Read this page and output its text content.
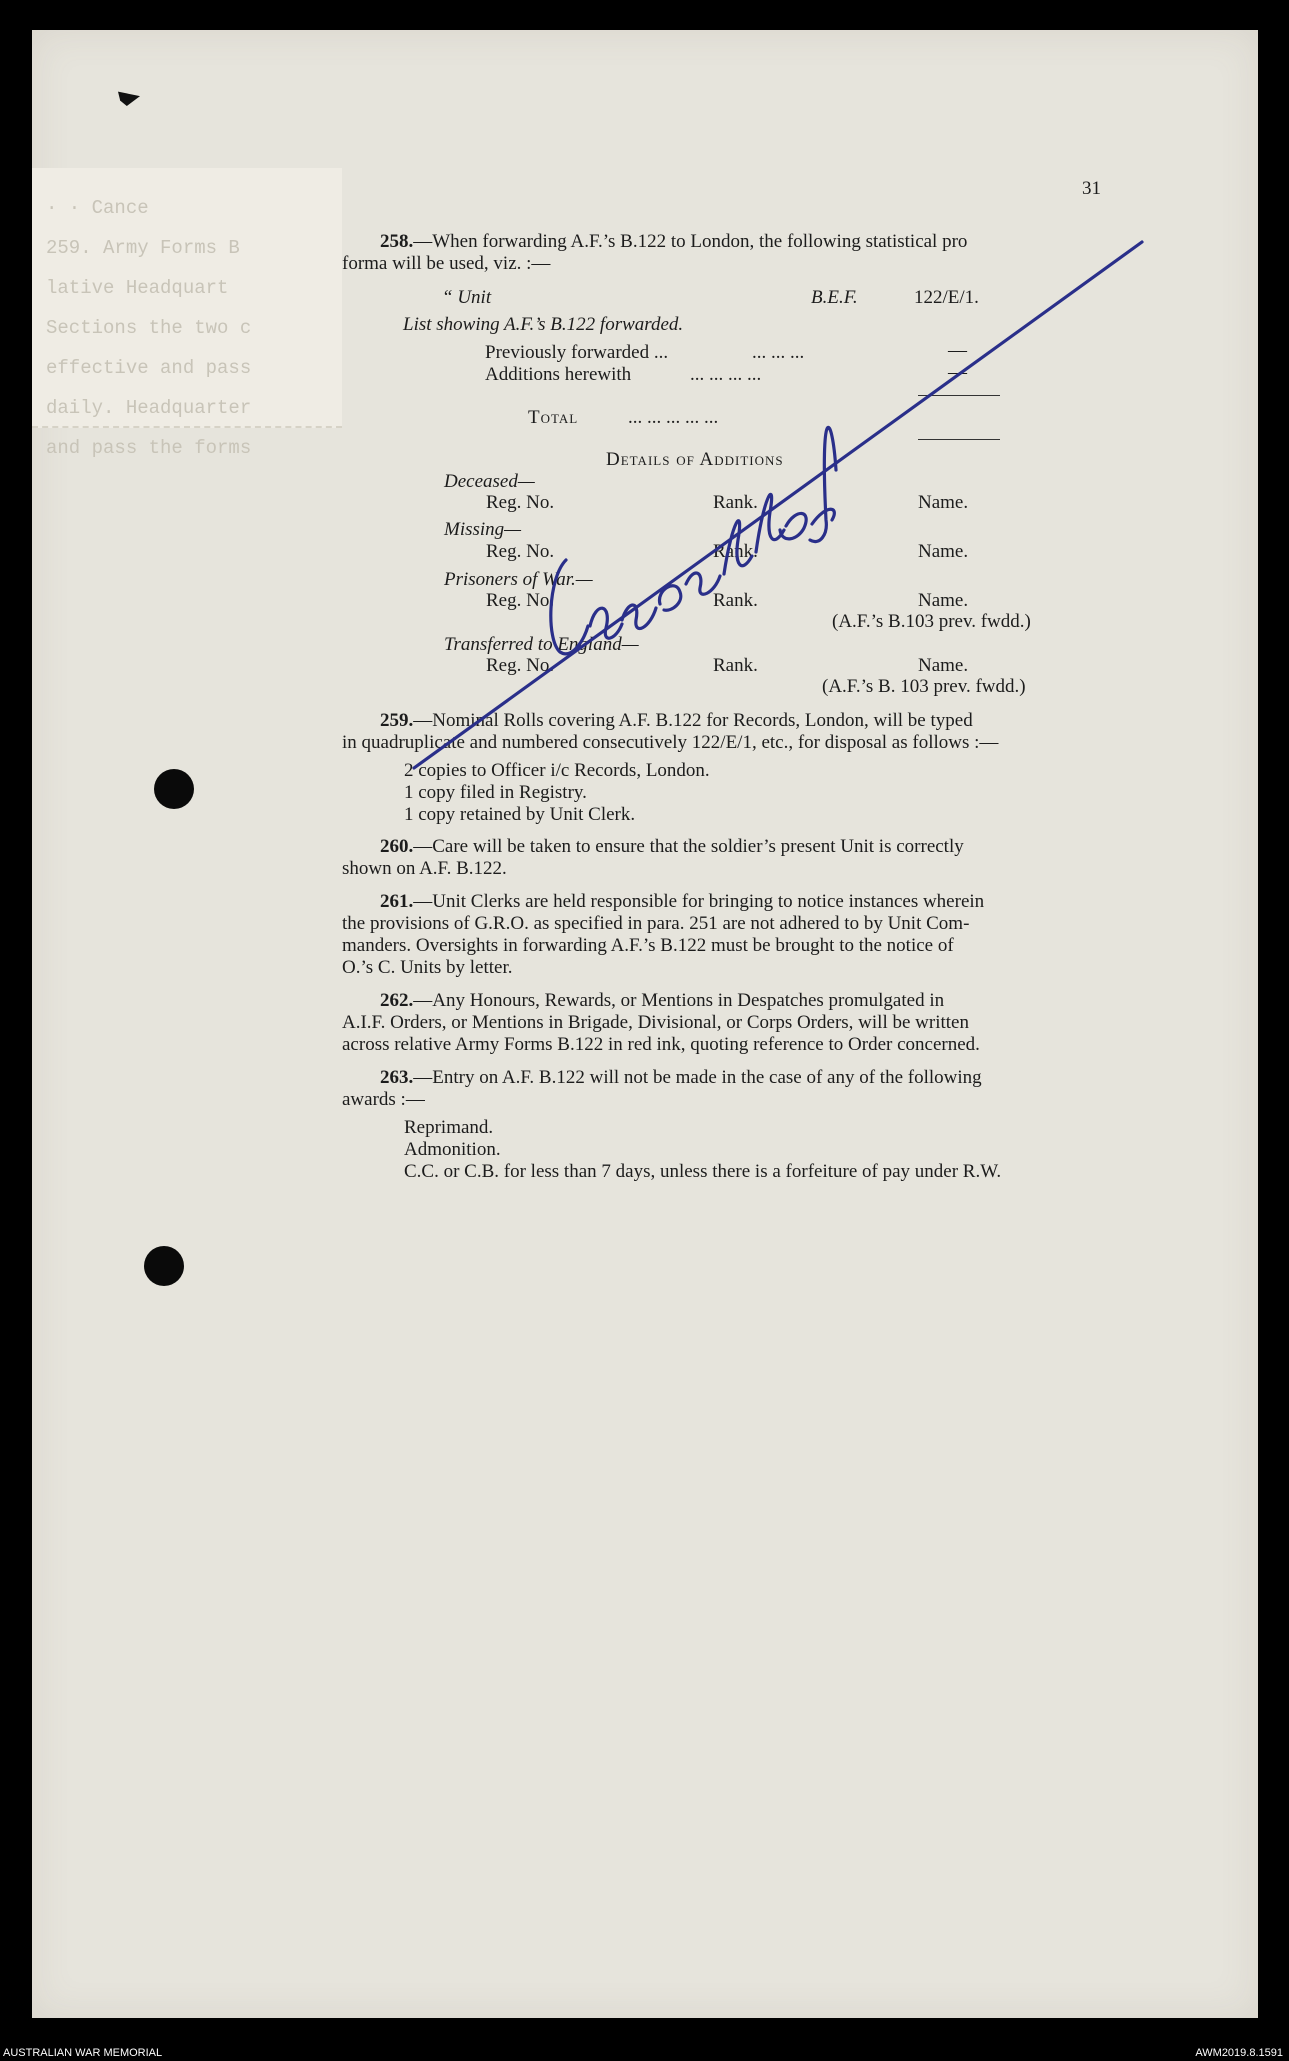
· · Cance
259. Army Forms B
lative Headquart
Sections the two c
effective and pass
daily. Headquarter
and pass the forms
31
258.—When forwarding A.F.’s B.122 to London, the following statistical pro
forma will be used, viz. :—
“ Unit	B.E.F.	122/E/1.
List showing A.F.’s B.122 forwarded.
Previously forwarded ...	... ... ...	—
Additions herewith	... ... ... ...	—
Total	... ... ... ... ...
Details of Additions
Deceased—
Reg. No.	Rank.	Name.
Missing—
Reg. No.	Rank.	Name.
Prisoners of War.—
Reg. No.	Rank.	Name.
(A.F.’s B.103 prev. fwdd.)
Transferred to England—
Reg. No.	Rank.	Name.
(A.F.’s B. 103 prev. fwdd.)
259.—Nominal Rolls covering A.F. B.122 for Records, London, will be typed
in quadruplicate and numbered consecutively 122/E/1, etc., for disposal as follows :—
2 copies to Officer i/c Records, London.
1 copy filed in Registry.
1 copy retained by Unit Clerk.
260.—Care will be taken to ensure that the soldier’s present Unit is correctly
shown on A.F. B.122.
261.—Unit Clerks are held responsible for bringing to notice instances wherein
the provisions of G.R.O. as specified in para. 251 are not adhered to by Unit Com-
manders. Oversights in forwarding A.F.’s B.122 must be brought to the notice of
O.’s C. Units by letter.
262.—Any Honours, Rewards, or Mentions in Despatches promulgated in
A.I.F. Orders, or Mentions in Brigade, Divisional, or Corps Orders, will be written
across relative Army Forms B.122 in red ink, quoting reference to Order concerned.
263.—Entry on A.F. B.122 will not be made in the case of any of the following
awards :—
Reprimand.
Admonition.
C.C. or C.B. for less than 7 days, unless there is a forfeiture of pay under R.W.
AUSTRALIAN WAR MEMORIAL	AWM2019.8.1591
